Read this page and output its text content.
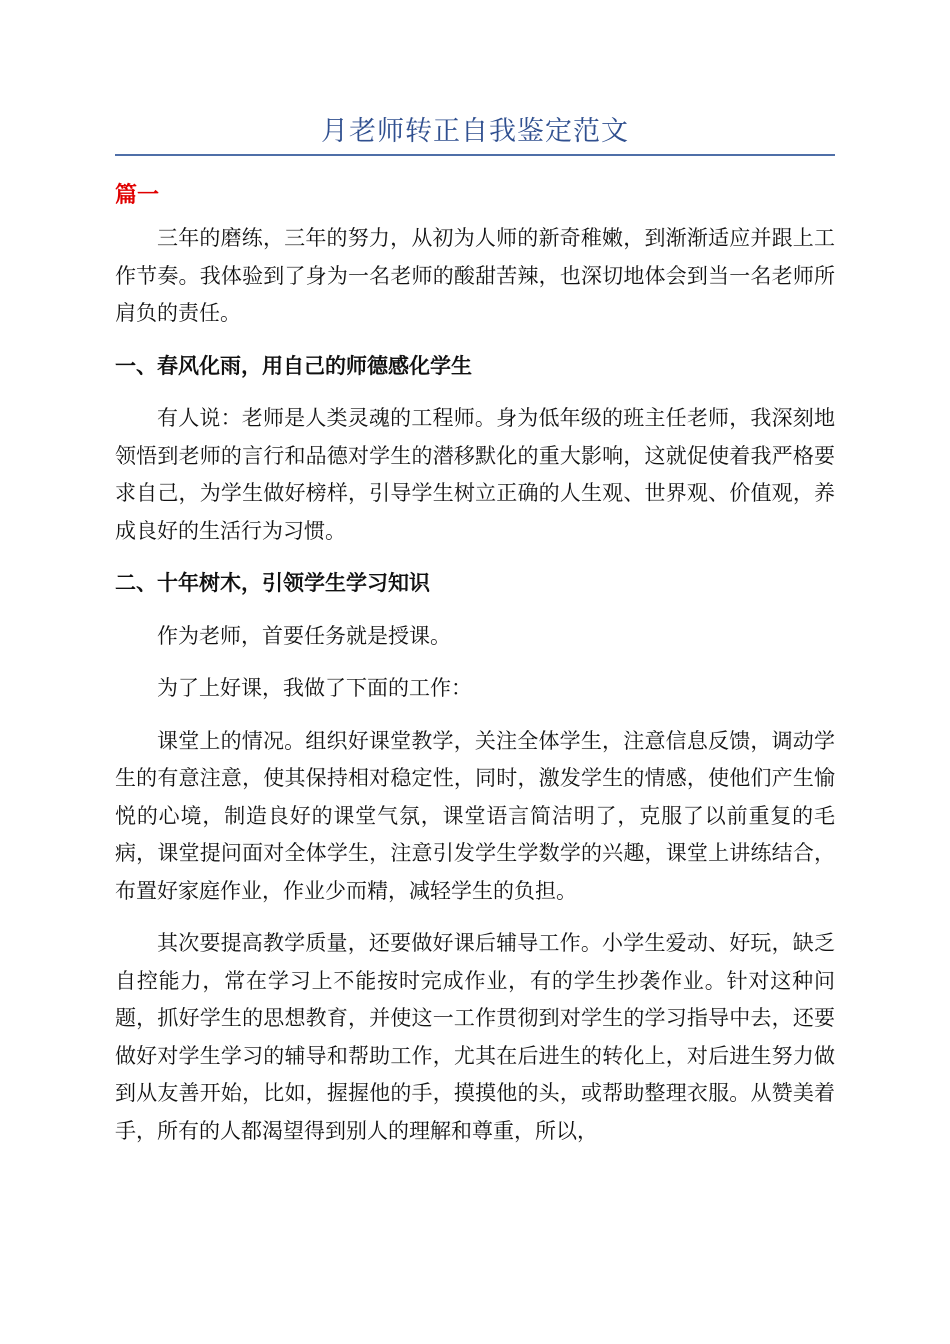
月老师转正自我鉴定范文
篇一

三年的磨练，三年的努力，从初为人师的新奇稚嫩，到渐渐适应并跟上工作节奏。我体验到了身为一名老师的酸甜苦辣，也深切地体会到当一名老师所肩负的责任。

一、春风化雨，用自己的师德感化学生

有人说：老师是人类灵魂的工程师。身为低年级的班主任老师，我深刻地领悟到老师的言行和品德对学生的潜移默化的重大影响，这就促使着我严格要求自己，为学生做好榜样，引导学生树立正确的人生观、世界观、价值观，养成良好的生活行为习惯。

二、十年树木，引领学生学习知识

作为老师，首要任务就是授课。

为了上好课，我做了下面的工作：

课堂上的情况。组织好课堂教学，关注全体学生，注意信息反馈，调动学生的有意注意，使其保持相对稳定性，同时，激发学生的情感，使他们产生愉悦的心境，制造良好的课堂气氛，课堂语言简洁明了，克服了以前重复的毛病，课堂提问面对全体学生，注意引发学生学数学的兴趣，课堂上讲练结合，布置好家庭作业，作业少而精，减轻学生的负担。

其次要提高教学质量，还要做好课后辅导工作。小学生爱动、好玩，缺乏自控能力，常在学习上不能按时完成作业，有的学生抄袭作业。针对这种问题，抓好学生的思想教育，并使这一工作贯彻到对学生的学习指导中去，还要做好对学生学习的辅导和帮助工作，尤其在后进生的转化上，对后进生努力做到从友善开始，比如，握握他的手，摸摸他的头，或帮助整理衣服。从赞美着手，所有的人都渴望得到别人的理解和尊重，所以，
